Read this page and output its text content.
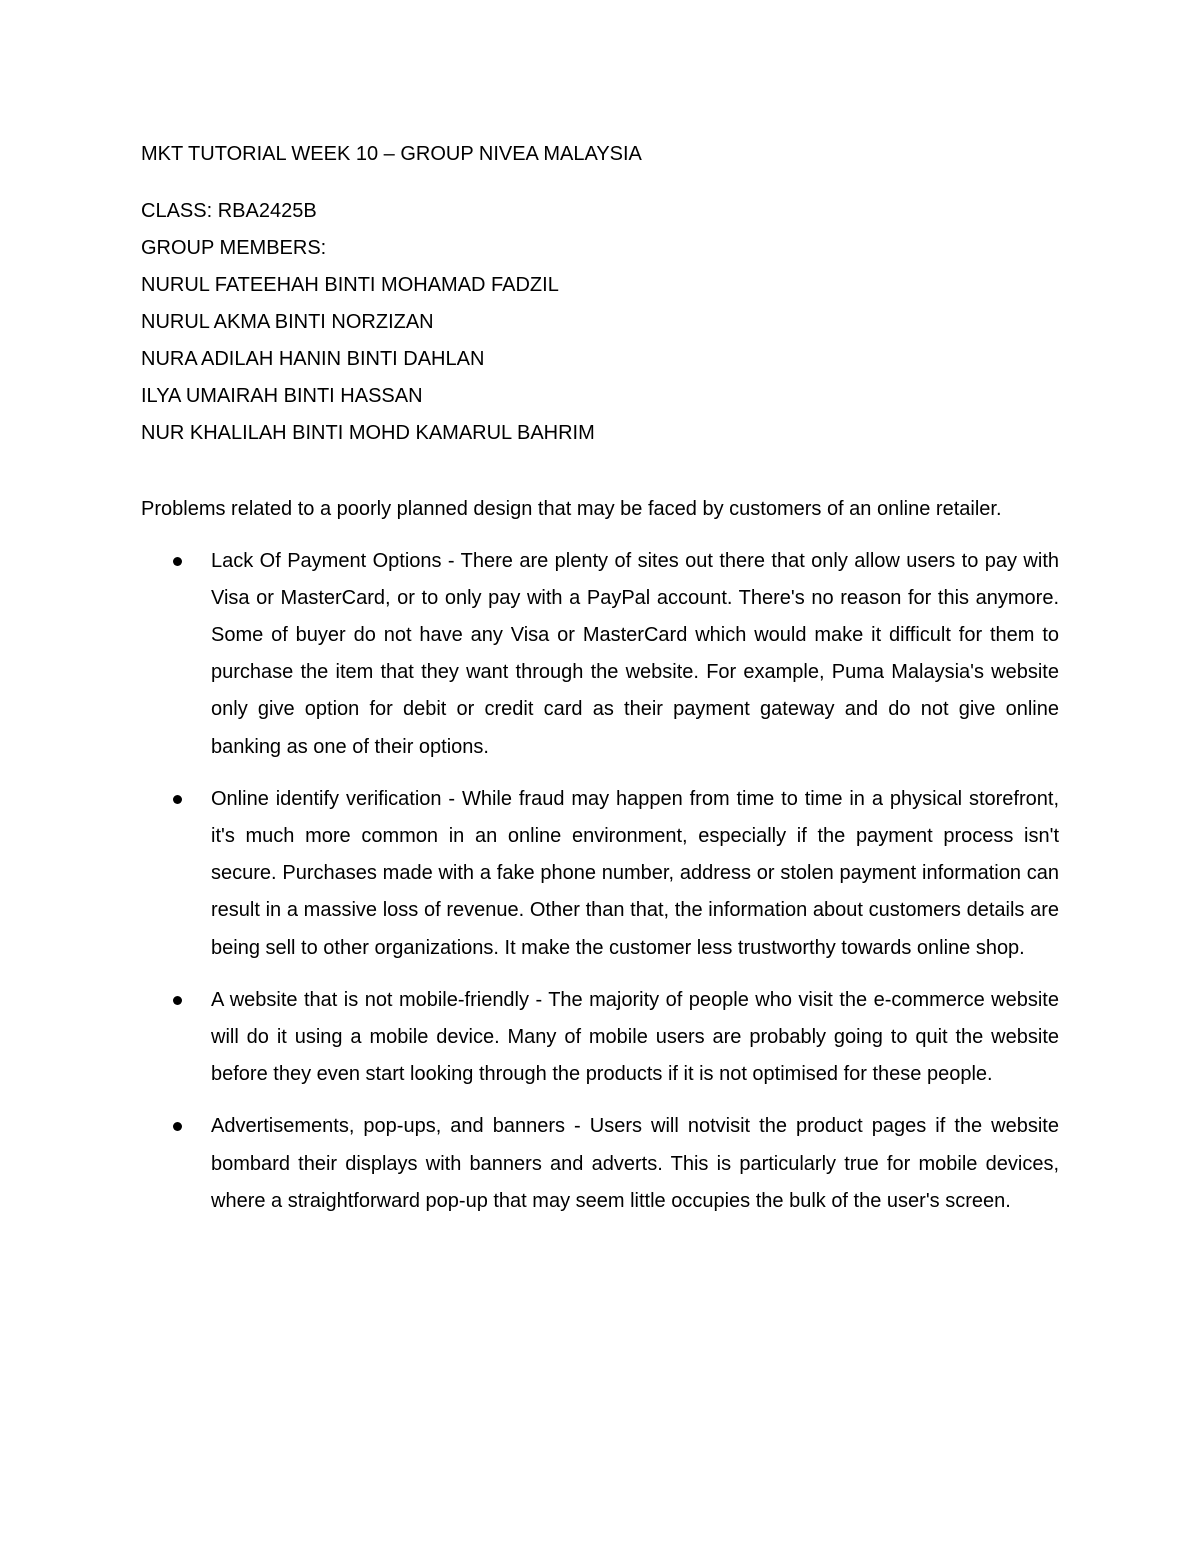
MKT TUTORIAL WEEK 10 – GROUP NIVEA MALAYSIA

CLASS: RBA2425B

GROUP MEMBERS:

NURUL FATEEHAH BINTI MOHAMAD FADZIL
NURUL AKMA BINTI NORZIZAN
NURA ADILAH HANIN BINTI DAHLAN
ILYA UMAIRAH BINTI HASSAN
NUR KHALILAH BINTI MOHD KAMARUL BAHRIM

Problems related to a poorly planned design that may be faced by customers of an online retailer.

Lack Of Payment Options - There are plenty of sites out there that only allow users to pay with Visa or MasterCard, or to only pay with a PayPal account. There's no reason for this anymore. Some of buyer do not have any Visa or MasterCard which would make it difficult for them to purchase the item that they want through the website. For example, Puma Malaysia's website only give option for debit or credit card as their payment gateway and do not give online banking as one of their options.
Online identify verification - While fraud may happen from time to time in a physical storefront, it's much more common in an online environment, especially if the payment process isn't secure. Purchases made with a fake phone number, address or stolen payment information can result in a massive loss of revenue. Other than that, the information about customers details are being sell to other organizations. It make the customer less trustworthy towards online shop.
A website that is not mobile-friendly - The majority of people who visit the e-commerce website will do it using a mobile device. Many of mobile users are probably going to quit the website before they even start looking through the products if it is not optimised for these people.
Advertisements, pop-ups, and banners - Users will notvisit the product pages if the website bombard their displays with banners and adverts. This is particularly true for mobile devices, where a straightforward pop-up that may seem little occupies the bulk of the user's screen.
